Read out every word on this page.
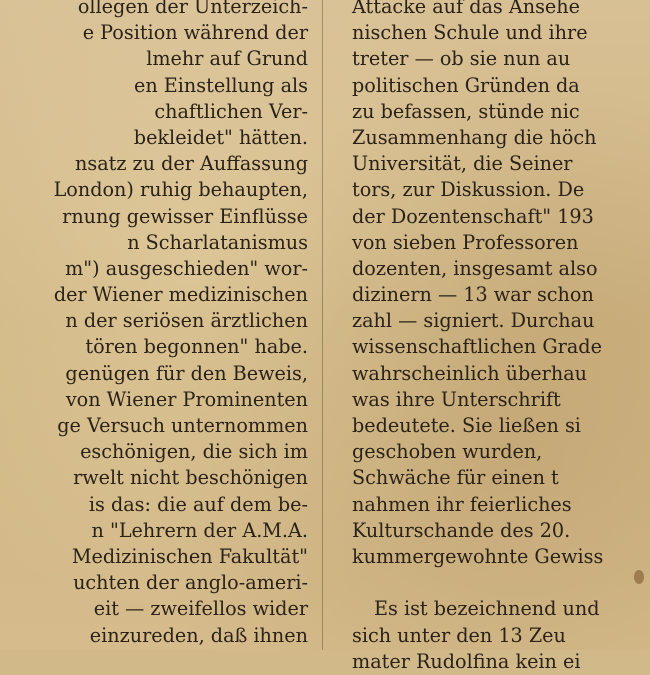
ollegen der Unterzeich-
e Position während der
lmehr auf Grund
en Einstellung als
chaftlichen Ver-
bekleidet" hätten.
nsatz zu der Auffassung
London) ruhig behaupten,
rnung gewisser Einflüsse
n Scharlatanismus
m") ausgeschieden" wor-
der Wiener medizinischen
n der seriösen ärztlichen
tören begonnen" habe.
genügen für den Beweis,
von Wiener Prominenten
ge Versuch unternommen
eschönigen, die sich im
rwelt nicht beschönigen
is das: die auf dem be-
n "Lehrern der A.M.A.
Medizinischen Fakultät"
uchten der anglo-ameri-
eit — zweifellos wider
einzureden, daß ihnen
Attacke auf das Ansehe
nischen Schule und ihre
treter — ob sie nun au
politischen Gründen da
zu befassen, stünde nic
Zusammenhang die höch
Universität, die Seiner
tors, zur Diskussion. De
der Dozentenschaft" 193
von sieben Professoren
dozenten, insgesamt also
dizinern — 13 war schon
zahl — signiert. Durchau
wissenschaftlichen Grade
wahrscheinlich überhau
was ihre Unterschrift
bedeutete. Sie ließen si
geschoben wurden,
Schwäche für einen t
nahmen ihr feierliches
Kulturschande des 20.
kummergewohnte Gewiss
Es ist bezeichnend und
sich unter den 13 Zeu
mater Rudolfina kein ei
